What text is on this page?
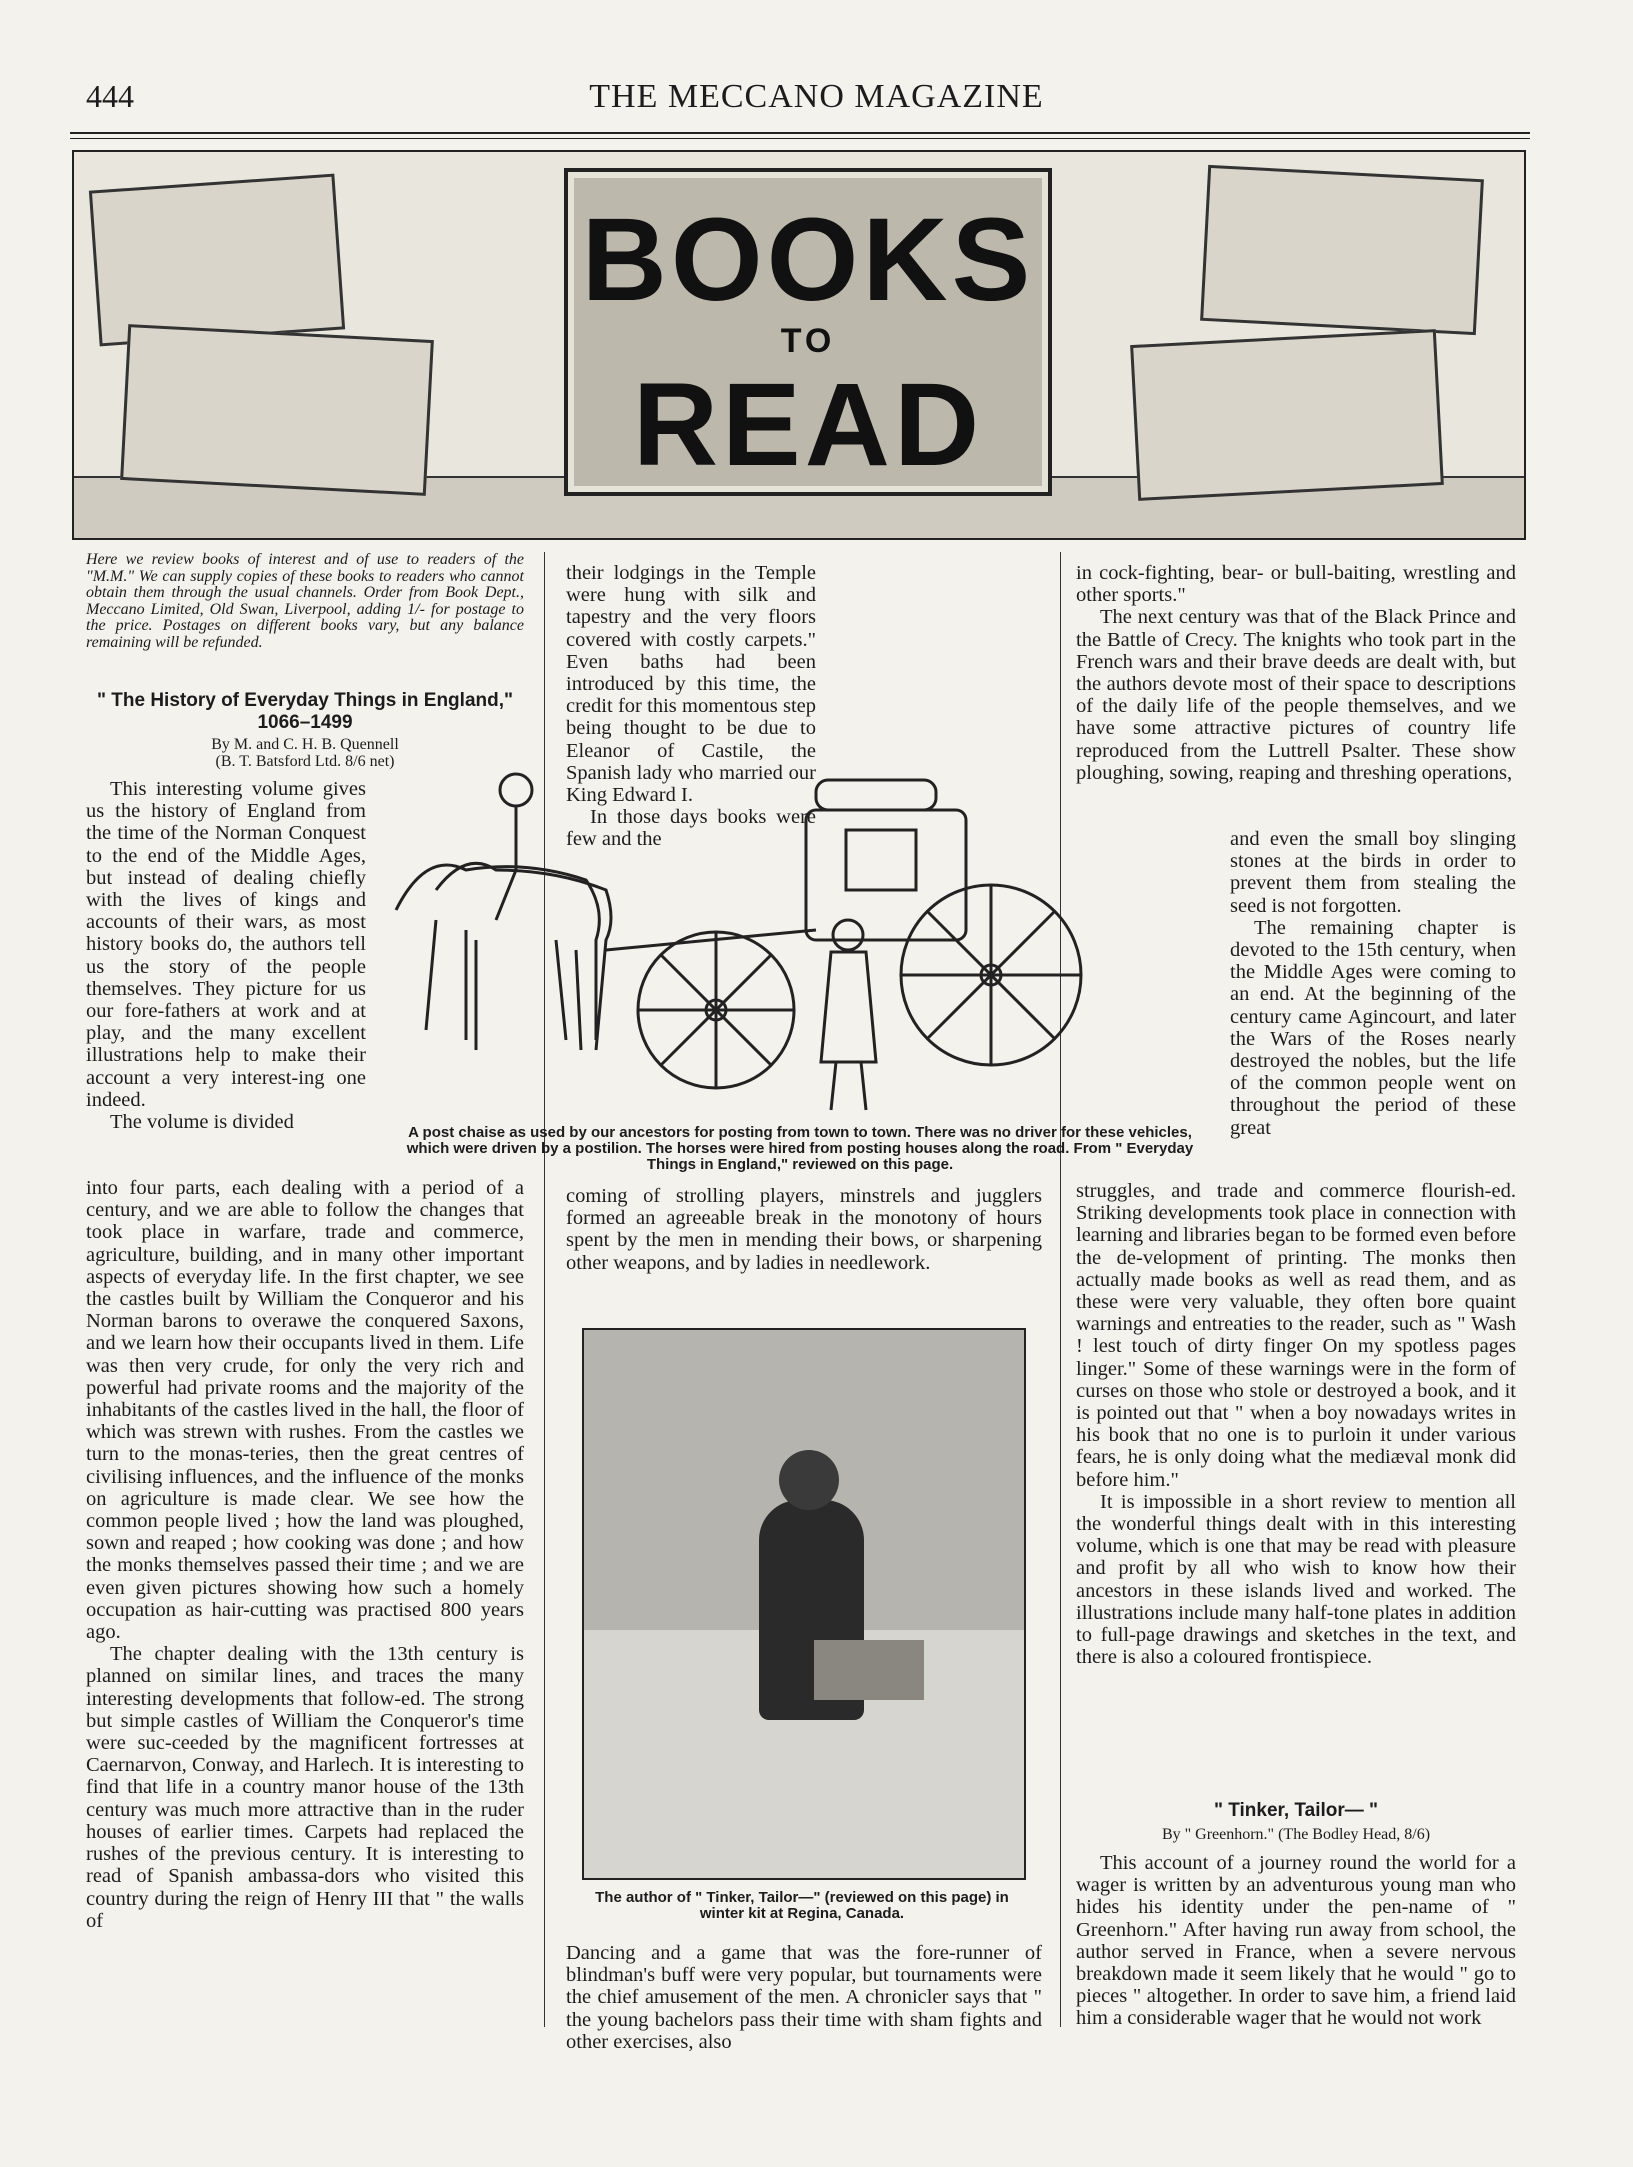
444	THE MECCANO MAGAZINE
BOOKS
TO
READ
Here we review books of interest and of use to readers of the "M.M." We can supply copies of these books to readers who cannot obtain them through the usual channels. Order from Book Dept., Meccano Limited, Old Swan, Liverpool, adding 1/- for postage to the price. Postages on different books vary, but any balance remaining will be refunded.
" The History of Everyday Things in England," 1066–1499
By M. and C. H. B. Quennell
(B. T. Batsford Ltd. 8/6 net)

This interesting volume gives us the history of England from the time of the Norman Conquest to the end of the Middle Ages, but instead of dealing chiefly with the lives of kings and accounts of their wars, as most history books do, the authors tell us the story of the people themselves. They picture for us our fore-fathers at work and at play, and the many excellent illustrations help to make their account a very interest-ing one indeed.

The volume is divided

into four parts, each dealing with a period of a century, and we are able to follow the changes that took place in warfare, trade and commerce, agriculture, building, and in many other important aspects of everyday life. In the first chapter, we see the castles built by William the Conqueror and his Norman barons to overawe the conquered Saxons, and we learn how their occupants lived in them. Life was then very crude, for only the very rich and powerful had private rooms and the majority of the inhabitants of the castles lived in the hall, the floor of which was strewn with rushes. From the castles we turn to the monas-teries, then the great centres of civilising influences, and the influence of the monks on agriculture is made clear. We see how the common people lived ; how the land was ploughed, sown and reaped ; how cooking was done ; and how the monks themselves passed their time ; and we are even given pictures showing how such a homely occupation as hair-cutting was practised 800 years ago.

The chapter dealing with the 13th century is planned on similar lines, and traces the many interesting developments that follow-ed. The strong but simple castles of William the Conqueror's time were suc-ceeded by the magnificent fortresses at Caernarvon, Conway, and Harlech. It is interesting to find that life in a country manor house of the 13th century was much more attractive than in the ruder houses of earlier times. Carpets had replaced the rushes of the previous century. It is interesting to read of Spanish ambassa-dors who visited this country during the reign of Henry III that " the walls of

their lodgings in the Temple were hung with silk and tapestry and the very floors covered with costly carpets." Even baths had been introduced by this time, the credit for this momentous step being thought to be due to Eleanor of Castile, the Spanish lady who married our King Edward I.

In those days books were few and the

A post chaise as used by our ancestors for posting from town to town. There was no driver for these vehicles, which were driven by a postilion. The horses were hired from posting houses along the road. From " Everyday Things in England," reviewed on this page.

coming of strolling players, minstrels and jugglers formed an agreeable break in the monotony of hours spent by the men in mending their bows, or sharpening other weapons, and by ladies in needlework.

The author of " Tinker, Tailor—" (reviewed on this page) in winter kit at Regina, Canada.

Dancing and a game that was the fore-runner of blindman's buff were very popular, but tournaments were the chief amusement of the men. A chronicler says that " the young bachelors pass their time with sham fights and other exercises, also

in cock-fighting, bear- or bull-baiting, wrestling and other sports."

The next century was that of the Black Prince and the Battle of Crecy. The knights who took part in the French wars and their brave deeds are dealt with, but the authors devote most of their space to descriptions of the daily life of the people themselves, and we have some attractive pictures of country life reproduced from the Luttrell Psalter. These show ploughing, sowing, reaping and threshing operations,

and even the small boy slinging stones at the birds in order to prevent them from stealing the seed is not forgotten.

The remaining chapter is devoted to the 15th century, when the Middle Ages were coming to an end. At the beginning of the century came Agincourt, and later the Wars of the Roses nearly destroyed the nobles, but the life of the common people went on throughout the period of these great

struggles, and trade and commerce flourish-ed. Striking developments took place in connection with learning and libraries began to be formed even before the de-velopment of printing. The monks then actually made books as well as read them, and as these were very valuable, they often bore quaint warnings and entreaties to the reader, such as " Wash ! lest touch of dirty finger On my spotless pages linger." Some of these warnings were in the form of curses on those who stole or destroyed a book, and it is pointed out that " when a boy nowadays writes in his book that no one is to purloin it under various fears, he is only doing what the mediæval monk did before him."

It is impossible in a short review to mention all the wonderful things dealt with in this interesting volume, which is one that may be read with pleasure and profit by all who wish to know how their ancestors in these islands lived and worked. The illustrations include many half-tone plates in addition to full-page drawings and sketches in the text, and there is also a coloured frontispiece.

" Tinker, Tailor— "
By " Greenhorn." (The Bodley Head, 8/6)

This account of a journey round the world for a wager is written by an adventurous young man who hides his identity under the pen-name of " Greenhorn." After having run away from school, the author served in France, when a severe nervous breakdown made it seem likely that he would " go to pieces " altogether. In order to save him, a friend laid him a considerable wager that he would not work
